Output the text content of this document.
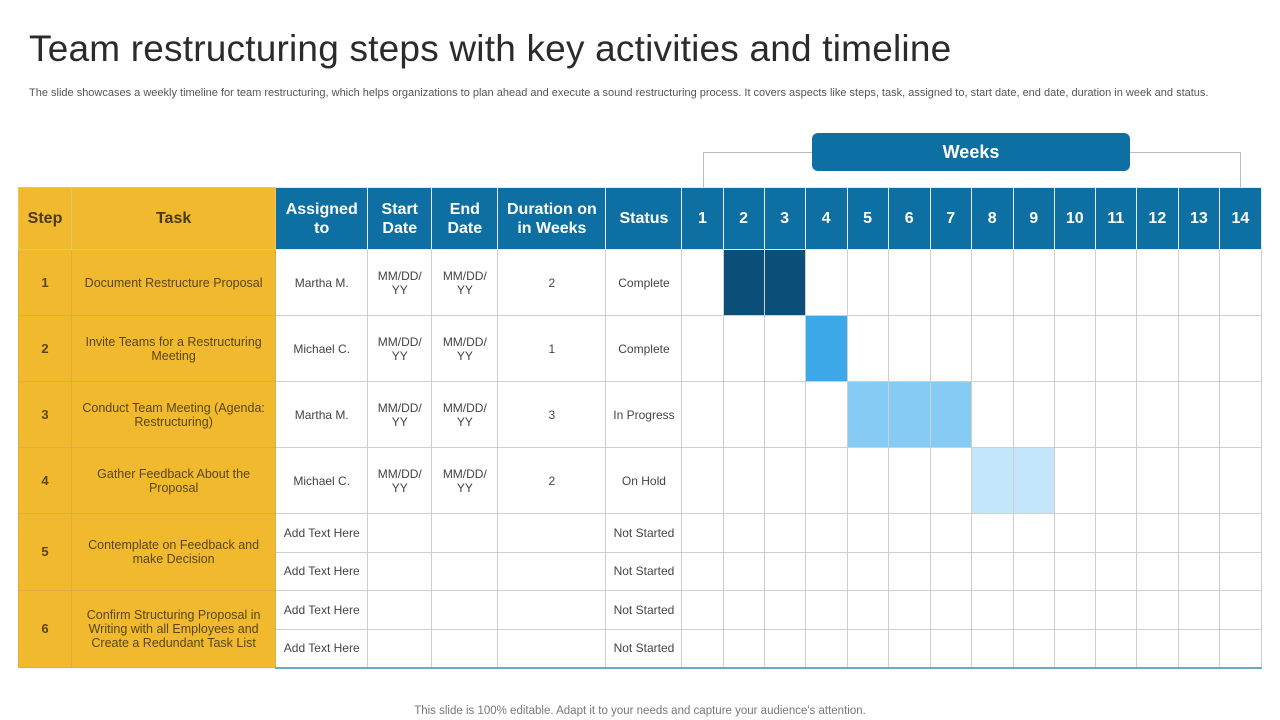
Team restructuring steps with key activities and timeline
The slide showcases a weekly timeline for team restructuring, which helps organizations to plan ahead and execute a sound restructuring process. It covers aspects like steps, task, assigned to, start date, end date, duration in week and status.
Weeks
Step	Task	Assigned to	Start Date	End Date	Duration on in Weeks	Status	1	2	3	4	5	6	7	8	9	10	11	12	13	14
1	Document Restructure Proposal	Martha M.	MM/DD/ YY	MM/DD/ YY	2	Complete														
2	Invite Teams for a Restructuring Meeting	Michael C.	MM/DD/ YY	MM/DD/ YY	1	Complete														
3	Conduct Team Meeting (Agenda: Restructuring)	Martha M.	MM/DD/ YY	MM/DD/ YY	3	In Progress														
4	Gather Feedback About the Proposal	Michael C.	MM/DD/ YY	MM/DD/ YY	2	On Hold														
5	Contemplate on Feedback and make Decision	Add Text Here				Not Started														
		Add Text Here				Not Started														
6	Confirm Structuring Proposal in Writing with all Employees and Create a Redundant Task List	Add Text Here				Not Started														
		Add Text Here				Not Started														
This slide is 100% editable. Adapt it to your needs and capture your audience's attention.
